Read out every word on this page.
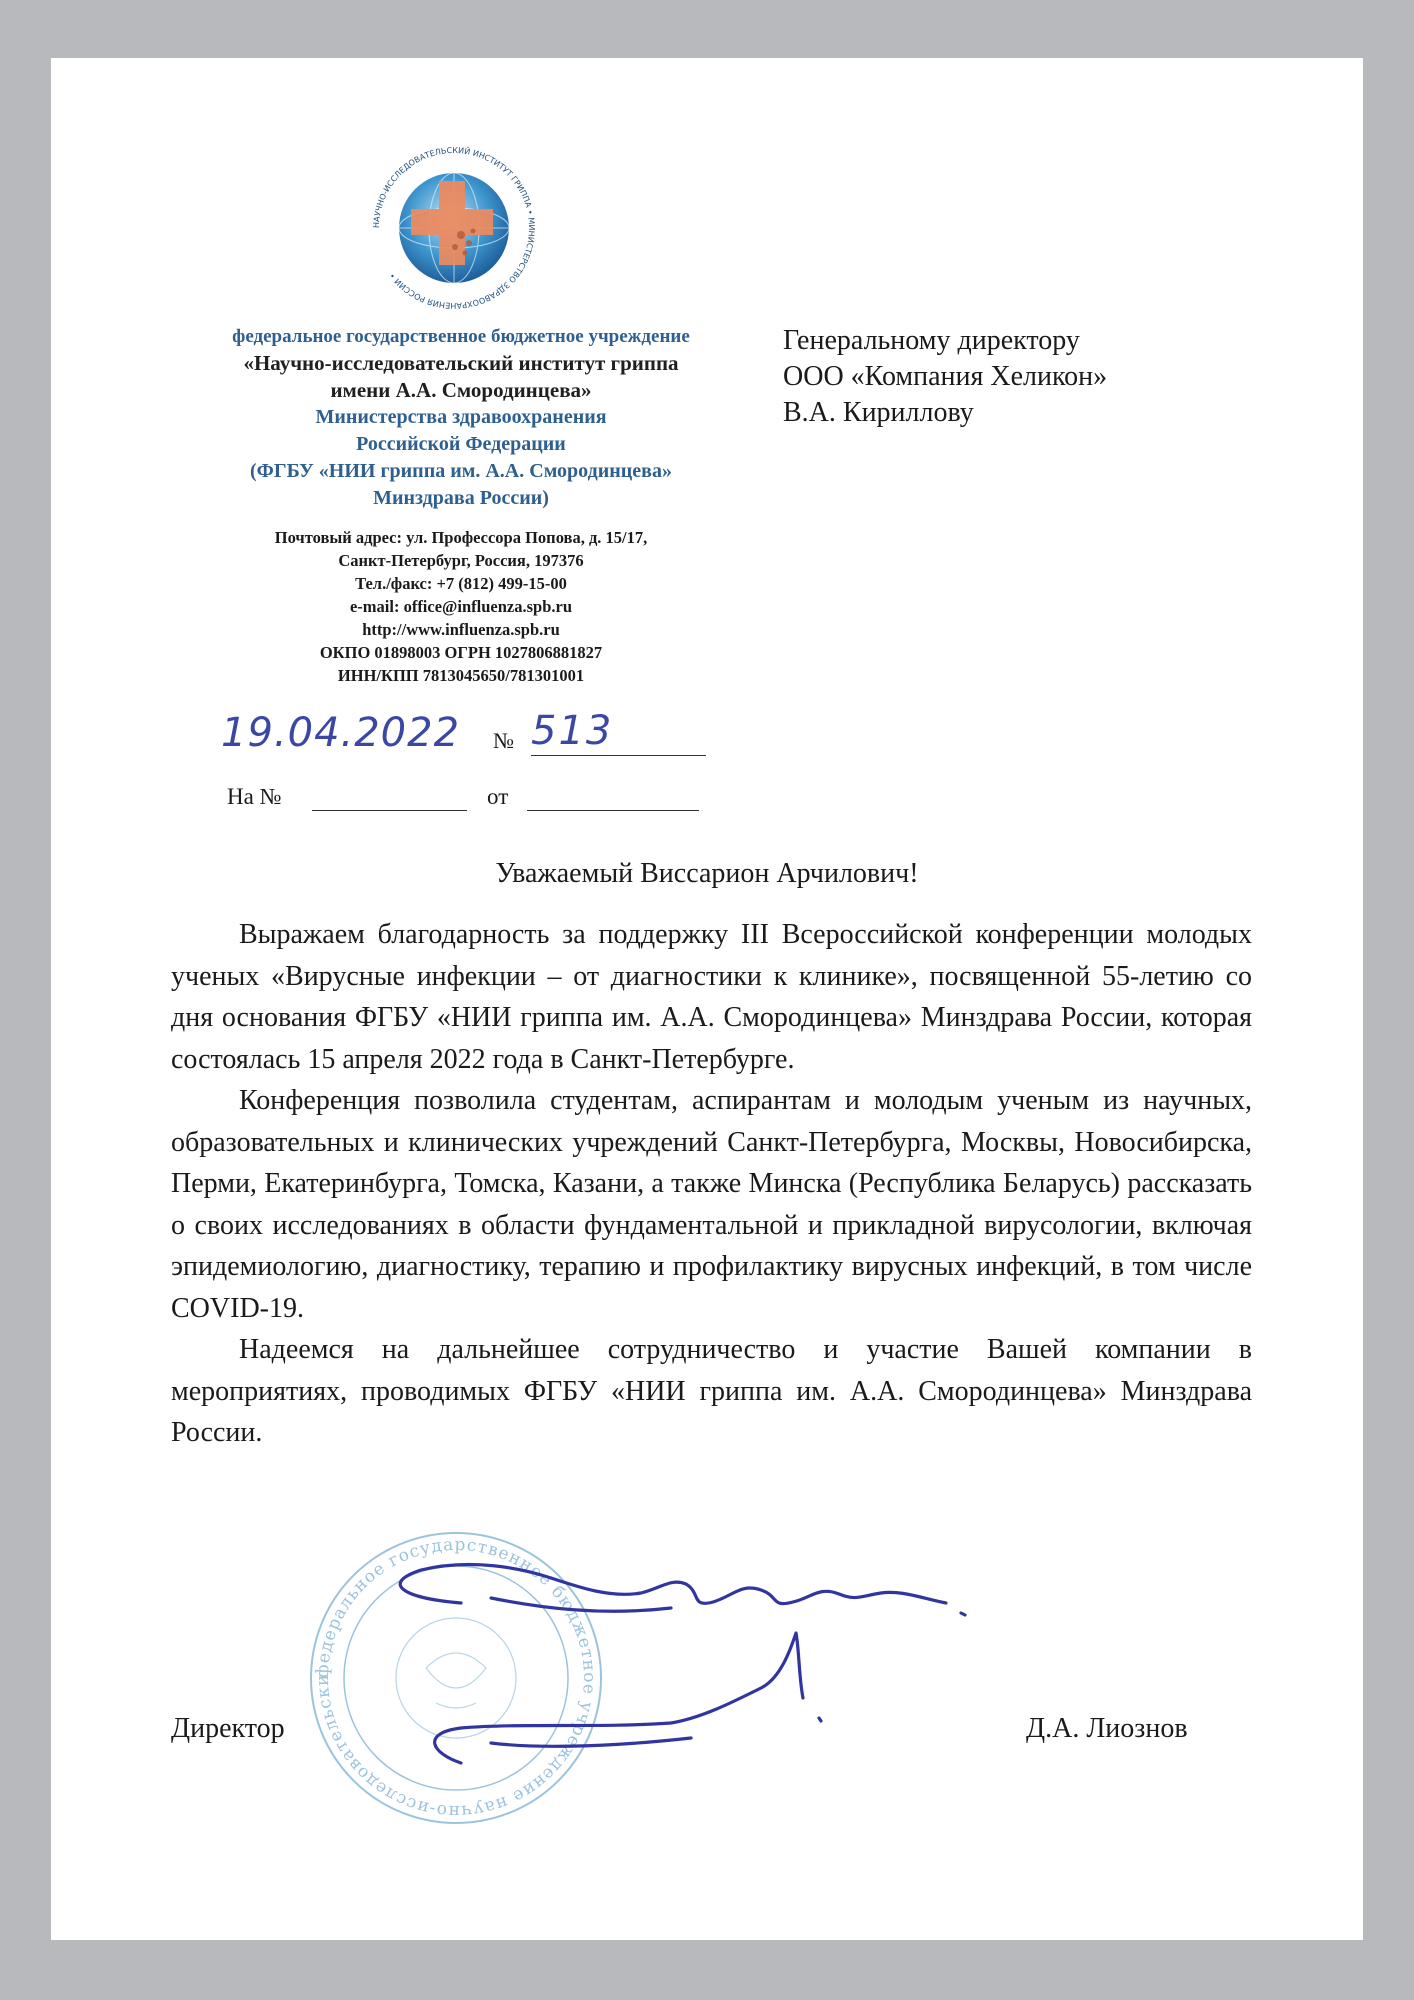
НАУЧНО-ИССЛЕДОВАТЕЛЬСКИЙ ИНСТИТУТ ГРИППА • МИНИСТЕРСТВО ЗДРАВООХРАНЕНИЯ РОССИИ •
федеральное государственное бюджетное учреждение
«Научно-исследовательский институт гриппа
имени А.А. Смородинцева»
Министерства здравоохранения
Российской Федерации
(ФГБУ «НИИ гриппа им. А.А. Смородинцева»
Минздрава России)
Почтовый адрес: ул. Профессора Попова, д. 15/17,
Санкт-Петербург, Россия, 197376
Тел./факс: +7 (812) 499-15-00
e-mail: office@influenza.spb.ru
http://www.influenza.spb.ru
ОКПО 01898003 ОГРН 1027806881827
ИНН/КПП 7813045650/781301001
Генеральному директору
ООО «Компания Хеликон»
В.А. Кириллову
19.04.2022 № 513
На №	от
Уважаемый Виссарион Арчилович!

Выражаем благодарность за поддержку III Всероссийской конференции молодых ученых «Вирусные инфекции – от диагностики к клинике», посвященной 55-летию со дня основания ФГБУ «НИИ гриппа им. А.А. Смородинцева» Минздрава России, которая состоялась 15 апреля 2022 года в Санкт-Петербурге.

Конференция позволила студентам, аспирантам и молодым ученым из научных, образовательных и клинических учреждений Санкт-Петербурга, Москвы, Новосибирска, Перми, Екатеринбурга, Томска, Казани, а также Минска (Республика Беларусь) рассказать о своих исследованиях в области фундаментальной и прикладной вирусологии, включая эпидемиологию, диагностику, терапию и профилактику вирусных инфекций, в том числе COVID-19.

Надеемся на дальнейшее сотрудничество и участие Вашей компании в мероприятиях, проводимых ФГБУ «НИИ гриппа им. А.А. Смородинцева» Минздрава России.

федеральное государственное бюджетное учреждение научно-исследовательски
Директор	Д.А. Лиознов
